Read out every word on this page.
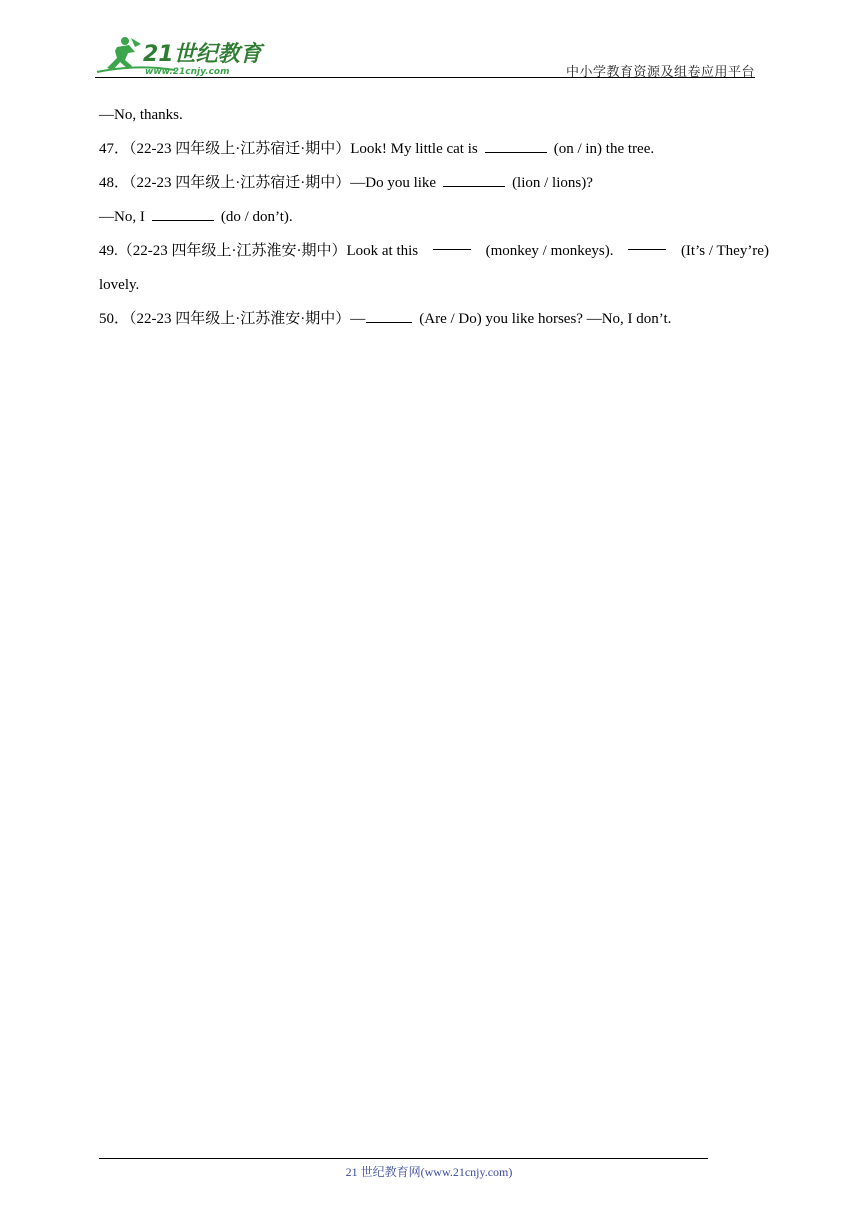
21世纪教育
www.21cnjy.com	中小学教育资源及组卷应用平台
—No, thanks.
47．（22-23 四年级上·江苏宿迁·期中）Look! My little cat is	(on / in) the tree.
48．（22-23 四年级上·江苏宿迁·期中）—Do you like	(lion / lions)?
—No, I	(do / don’t).
49.（22-23 四年级上·江苏淮安·期中）Look at this	(monkey / monkeys).	(It’s / They’re)
lovely.
50．（22-23 四年级上·江苏淮安·期中）—	(Are / Do) you like horses? —No, I don’t.
21 世纪教育网(www.21cnjy.com)
